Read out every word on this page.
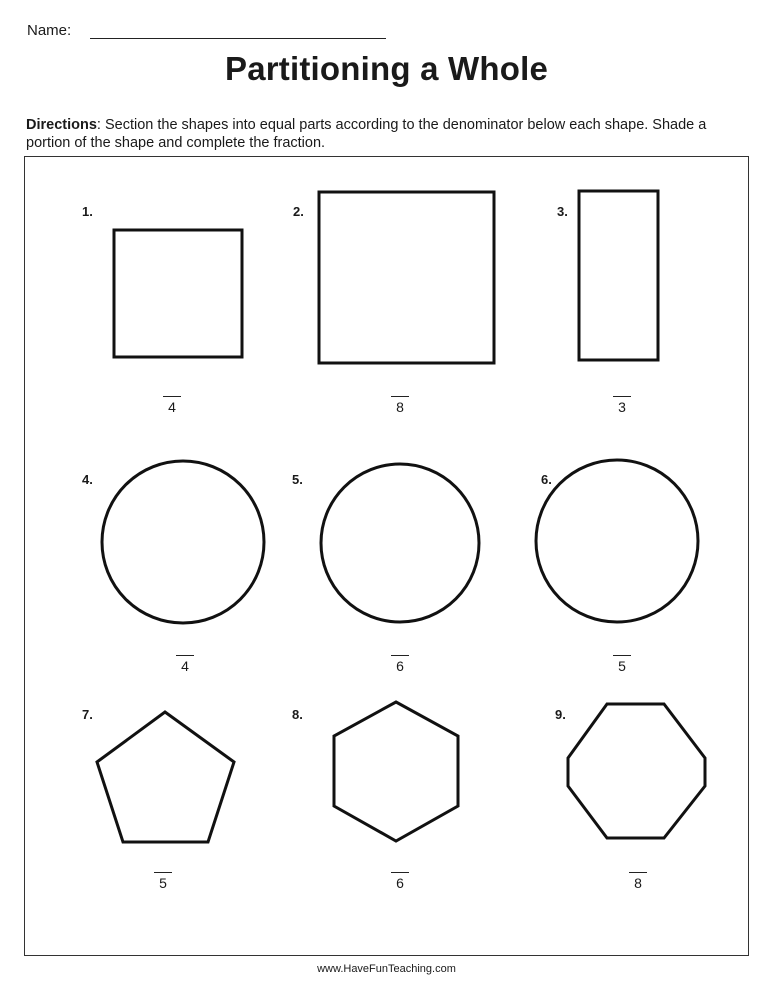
Name:
Partitioning a Whole
Directions: Section the shapes into equal parts according to the denominator below each shape. Shade a portion of the shape and complete the fraction.
1.	2.	3.
4.	5.	6.
7.	8.	9.
4	8	3
4	6	5
5	6	8
www.HaveFunTeaching.com
